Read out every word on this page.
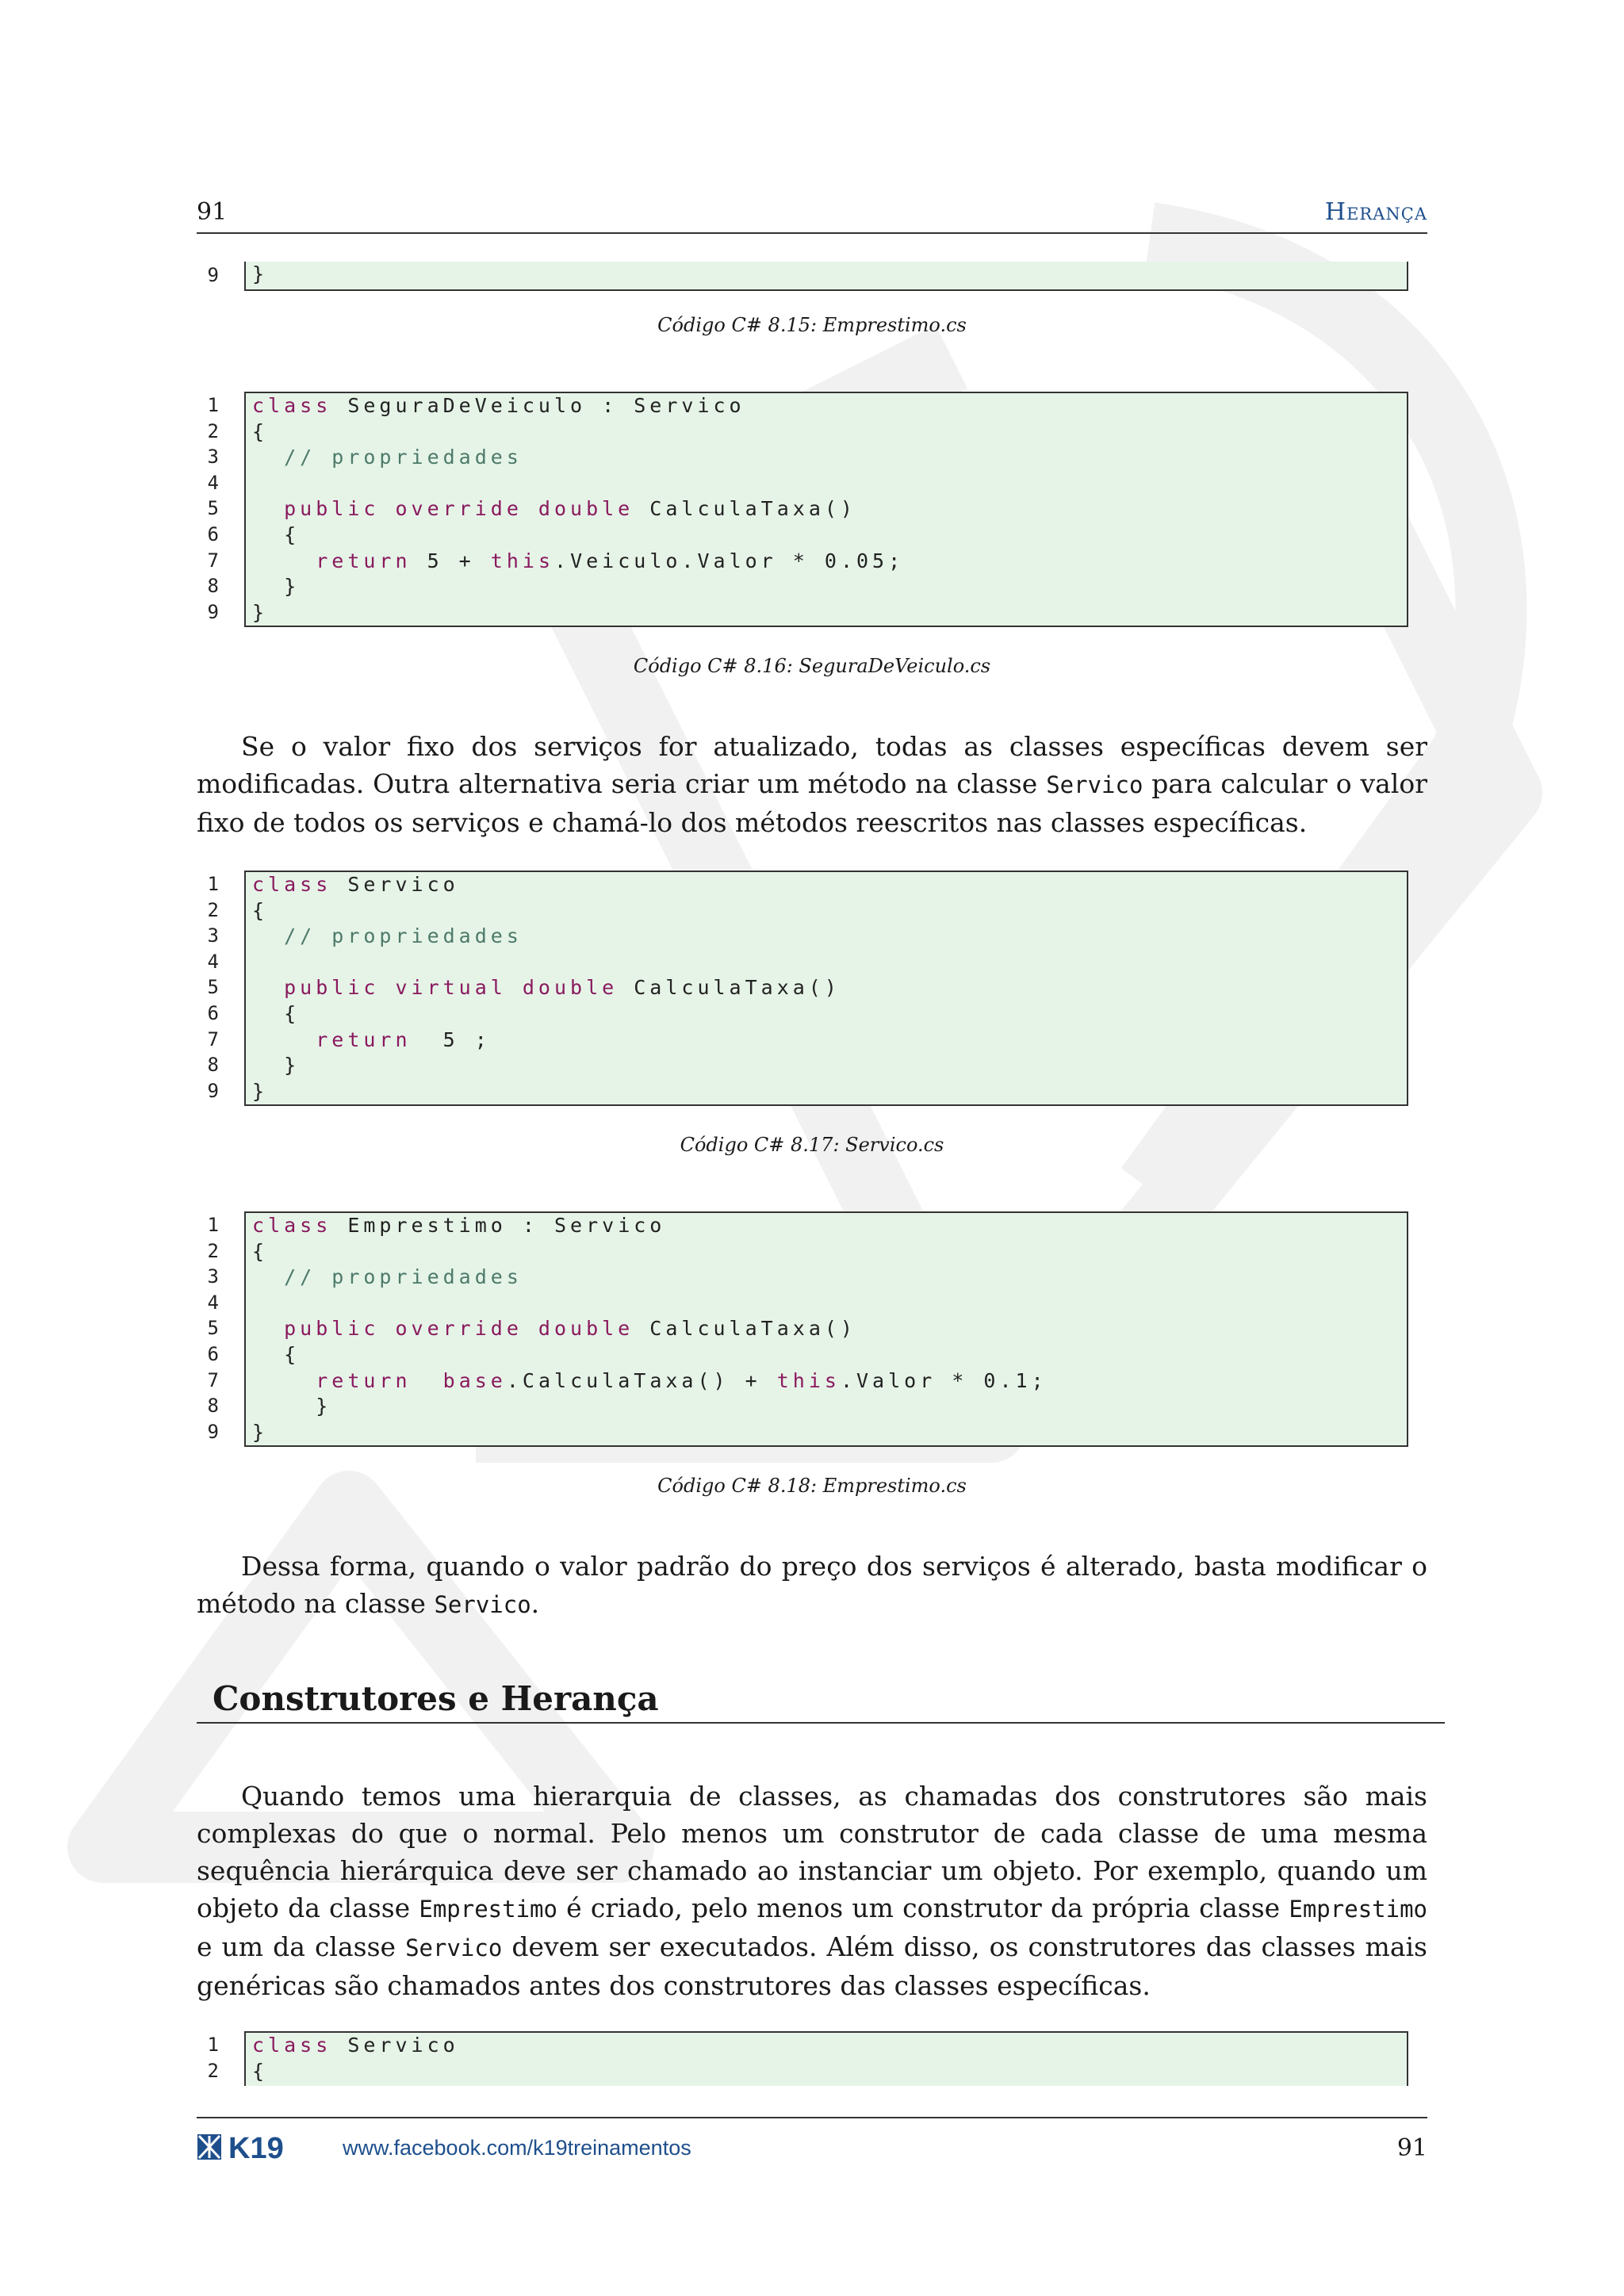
91	Herança
}
Código C# 8.15: Emprestimo.cs
class SeguraDeVeiculo : Servico
{
// propriedades
public override double CalculaTaxa()
{
return 5 + this.Veiculo.Valor * 0.05;
}
}
Código C# 8.16: SeguraDeVeiculo.cs

Se o valor fixo dos serviços for atualizado, todas as classes específicas devem ser modificadas. Outra alternativa seria criar um método na classe Servico para calcular o valor fixo de todos os serviços e chamá-lo dos métodos reescritos nas classes específicas.

class Servico
{
// propriedades
public virtual double CalculaTaxa()
{
return  5 ;
}
}
Código C# 8.17: Servico.cs
class Emprestimo : Servico
{
// propriedades
public override double CalculaTaxa()
{
return base.CalculaTaxa() + this.Valor * 0.1;
}
}
Código C# 8.18: Emprestimo.cs

Dessa forma, quando o valor padrão do preço dos serviços é alterado, basta modificar o método na classe Servico.

Construtores e Herança

Quando temos uma hierarquia de classes, as chamadas dos construtores são mais complexas do que o normal. Pelo menos um construtor de cada classe de uma mesma sequência hierárquica deve ser chamado ao instanciar um objeto. Por exemplo, quando um objeto da classe Emprestimo é criado, pelo menos um construtor da própria classe Emprestimo e um da classe Servico devem ser executados. Além disso, os construtores das classes mais genéricas são chamados antes dos construtores das classes específicas.

class Servico
{
K19	www.facebook.com/k19treinamentos	91
9
1
2
3
4
5
6
7
8
9
1
2
3
4
5
6
7
8
9
1
2
3
4
5
6
7
8
9
1
2
